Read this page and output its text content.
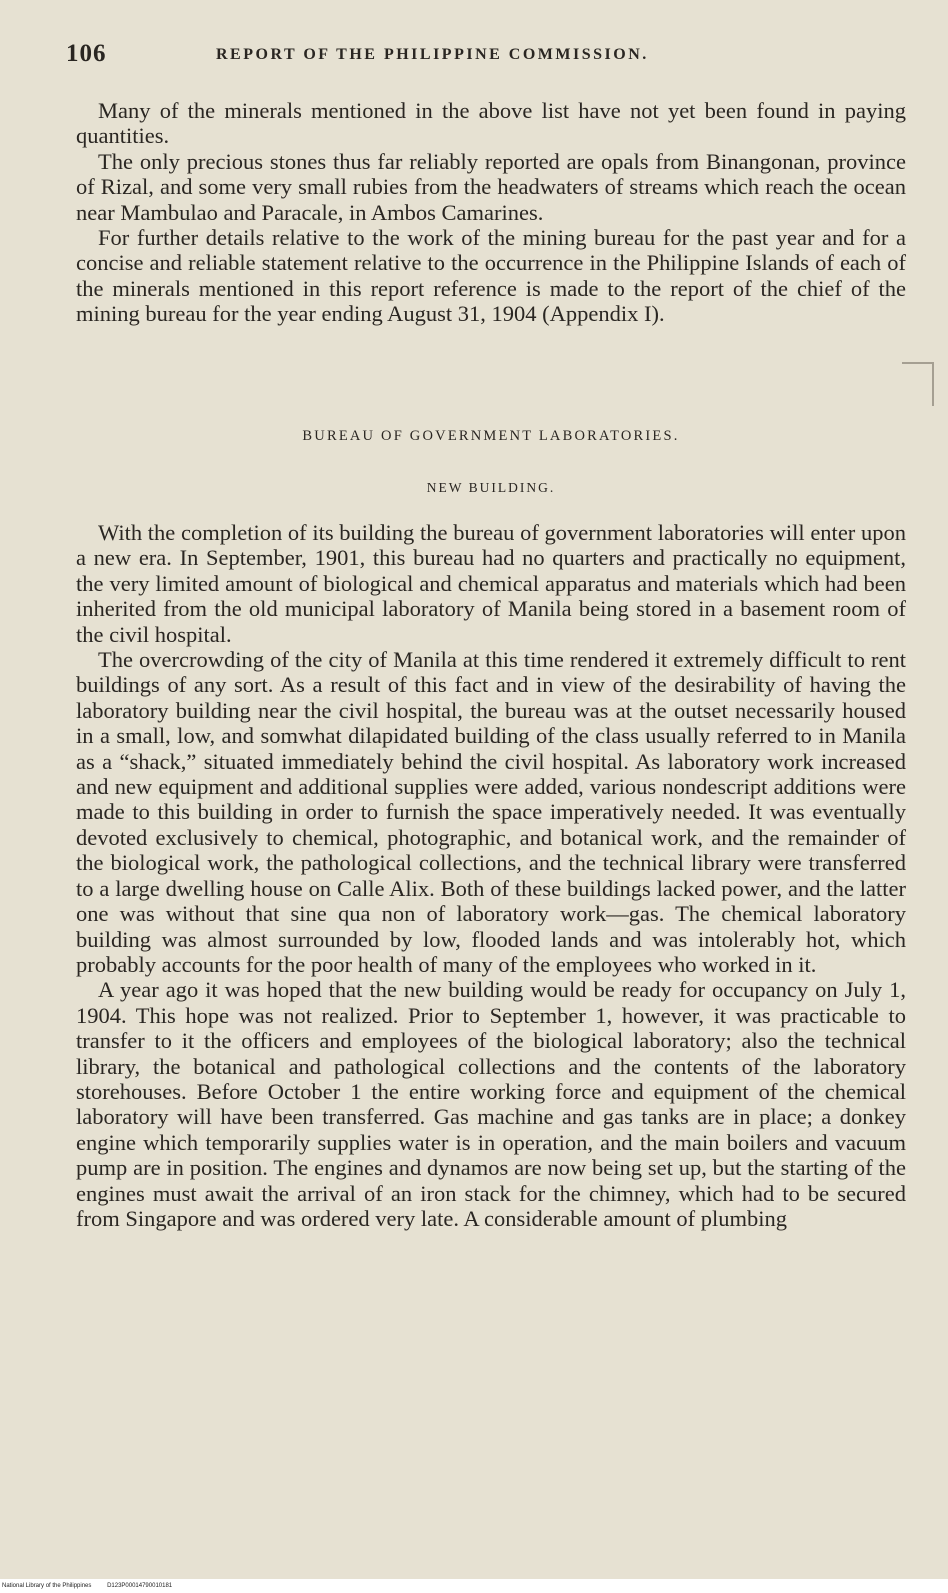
106	REPORT OF THE PHILIPPINE COMMISSION.

Many of the minerals mentioned in the above list have not yet been found in paying quantities.

The only precious stones thus far reliably reported are opals from Binangonan, province of Rizal, and some very small rubies from the headwaters of streams which reach the ocean near Mambulao and Paracale, in Ambos Camarines.

For further details relative to the work of the mining bureau for the past year and for a concise and reliable statement relative to the occurrence in the Philippine Islands of each of the minerals mentioned in this report reference is made to the report of the chief of the mining bureau for the year ending August 31, 1904 (Appendix I).

BUREAU OF GOVERNMENT LABORATORIES.
NEW BUILDING.

With the completion of its building the bureau of government laboratories will enter upon a new era. In September, 1901, this bureau had no quarters and practically no equipment, the very limited amount of biological and chemical apparatus and materials which had been inherited from the old municipal laboratory of Manila being stored in a basement room of the civil hospital.

The overcrowding of the city of Manila at this time rendered it extremely difficult to rent buildings of any sort. As a result of this fact and in view of the desirability of having the laboratory building near the civil hospital, the bureau was at the outset necessarily housed in a small, low, and somwhat dilapidated building of the class usually referred to in Manila as a “shack,” situated immediately behind the civil hospital. As laboratory work increased and new equipment and additional supplies were added, various nondescript additions were made to this building in order to furnish the space imperatively needed. It was eventually devoted exclusively to chemical, photographic, and botanical work, and the remainder of the biological work, the pathological collections, and the technical library were transferred to a large dwelling house on Calle Alix. Both of these buildings lacked power, and the latter one was without that sine qua non of laboratory work—gas. The chemical laboratory building was almost surrounded by low, flooded lands and was intolerably hot, which probably accounts for the poor health of many of the employees who worked in it.

A year ago it was hoped that the new building would be ready for occupancy on July 1, 1904. This hope was not realized. Prior to September 1, however, it was practicable to transfer to it the officers and employees of the biological laboratory; also the technical library, the botanical and pathological collections and the contents of the laboratory storehouses. Before October 1 the entire working force and equipment of the chemical laboratory will have been transferred. Gas machine and gas tanks are in place; a donkey engine which temporarily supplies water is in operation, and the main boilers and vacuum pump are in position. The engines and dynamos are now being set up, but the starting of the engines must await the arrival of an iron stack for the chimney, which had to be secured from Singapore and was ordered very late. A considerable amount of plumbing

National Library of the Philippines	D123P00014790010181
